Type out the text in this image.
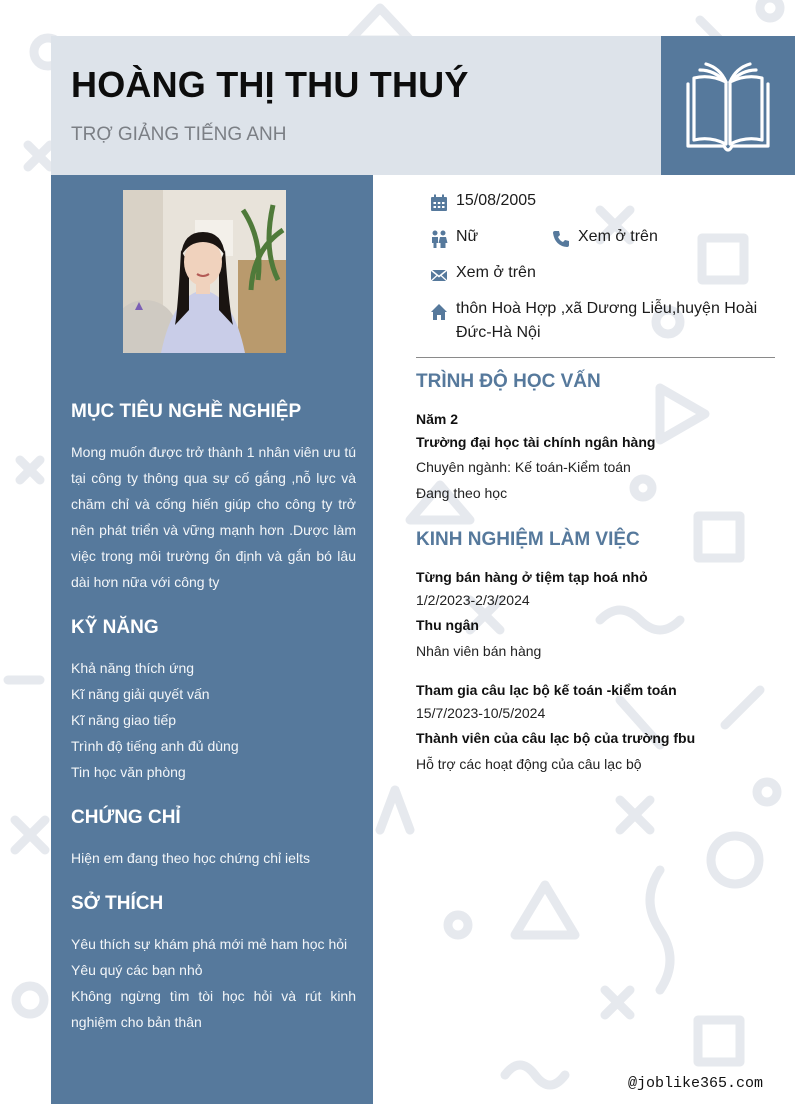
HOÀNG THỊ THU THUÝ
TRỢ GIẢNG TIẾNG ANH
MỤC TIÊU NGHỀ NGHIỆP
Mong muốn được trở thành 1 nhân viên ưu tú tại công ty thông qua sự cố gắng ,nỗ lực và chăm chỉ và cống hiến giúp cho công ty trở nên phát triển và vững mạnh hơn .Dược làm việc trong môi trường ổn định và gắn bó lâu dài hơn nữa với công ty
KỸ NĂNG
Khả năng thích ứng
Kĩ năng giải quyết vấn
Kĩ năng giao tiếp
Trình độ tiếng anh đủ dùng
Tin học văn phòng
CHỨNG CHỈ
Hiện em đang theo học chứng chỉ ielts
SỞ THÍCH
Yêu thích sự khám phá mới mẻ ham học hỏi
Yêu quý các bạn nhỏ
Không ngừng tìm tòi học hỏi và rút kinh nghiệm cho bản thân
15/08/2005
Nữ	Xem ở trên
Xem ở trên
thôn Hoà Hợp ,xã Dương Liễu,huyện Hoài Đức-Hà Nội
TRÌNH ĐỘ HỌC VẤN
Năm 2
Trường đại học tài chính ngân hàng
Chuyên ngành: Kế toán-Kiểm toán
Đang theo học
KINH NGHIỆM LÀM VIỆC
Từng bán hàng ở tiệm tạp hoá nhỏ
1/2/2023-2/3/2024
Thu ngân
Nhân viên bán hàng
Tham gia câu lạc bộ kế toán -kiểm toán
15/7/2023-10/5/2024
Thành viên của câu lạc bộ của trường fbu
Hỗ trợ các hoạt động của câu lạc bộ
@joblike365.com
